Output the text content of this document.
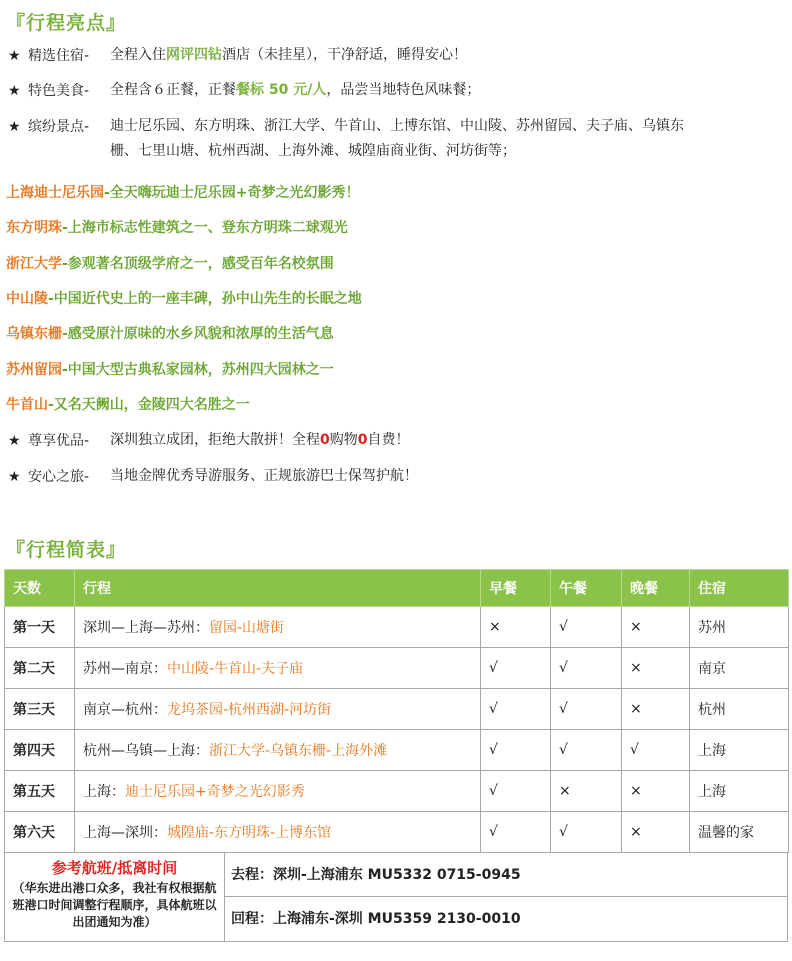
『行程亮点』
★ 精选住宿- 全程入住网评四钻酒店（未挂星），干净舒适，睡得安心！
★ 特色美食- 全程含６正餐，正餐餐标 50 元/人，品尝当地特色风味餐；
★ 缤纷景点- 迪士尼乐园、东方明珠、浙江大学、牛首山、上博东馆、中山陵、苏州留园、夫子庙、乌镇东
栅、七里山塘、杭州西湖、上海外滩、城隍庙商业街、河坊街等；
上海迪士尼乐园-全天嗨玩迪士尼乐园+奇梦之光幻影秀！
东方明珠-上海市标志性建筑之一、登东方明珠二球观光
浙江大学-参观著名顶级学府之一，感受百年名校氛围
中山陵-中国近代史上的一座丰碑，孙中山先生的长眠之地
乌镇东栅-感受原汁原味的水乡风貌和浓厚的生活气息
苏州留园-中国大型古典私家园林，苏州四大园林之一
牛首山-又名天阙山，金陵四大名胜之一
★ 尊享优品- 深圳独立成团，拒绝大散拼！全程0购物0自费！
★ 安心之旅- 当地金牌优秀导游服务、正规旅游巴士保驾护航！
『行程简表』
天数	行程	早餐	午餐	晚餐	住宿
第一天	深圳—上海—苏州：留园-山塘街	×	√	×	苏州
第二天	苏州—南京：中山陵-牛首山-夫子庙	√	√	×	南京
第三天	南京—杭州：龙坞茶园-杭州西湖-河坊街	√	√	×	杭州
第四天	杭州—乌镇—上海：浙江大学-乌镇东栅-上海外滩	√	√	√	上海
第五天	上海：迪士尼乐园+奇梦之光幻影秀	√	×	×	上海
第六天	上海—深圳：城隍庙-东方明珠-上博东馆	√	√	×	温馨的家
参考航班/抵离时间
（华东进出港口众多，我社有权根据航班港口时间调整行程顺序，具体航班以出团通知为准）
去程：深圳-上海浦东 MU5332 0715-0945
回程：上海浦东-深圳 MU5359 2130-0010
